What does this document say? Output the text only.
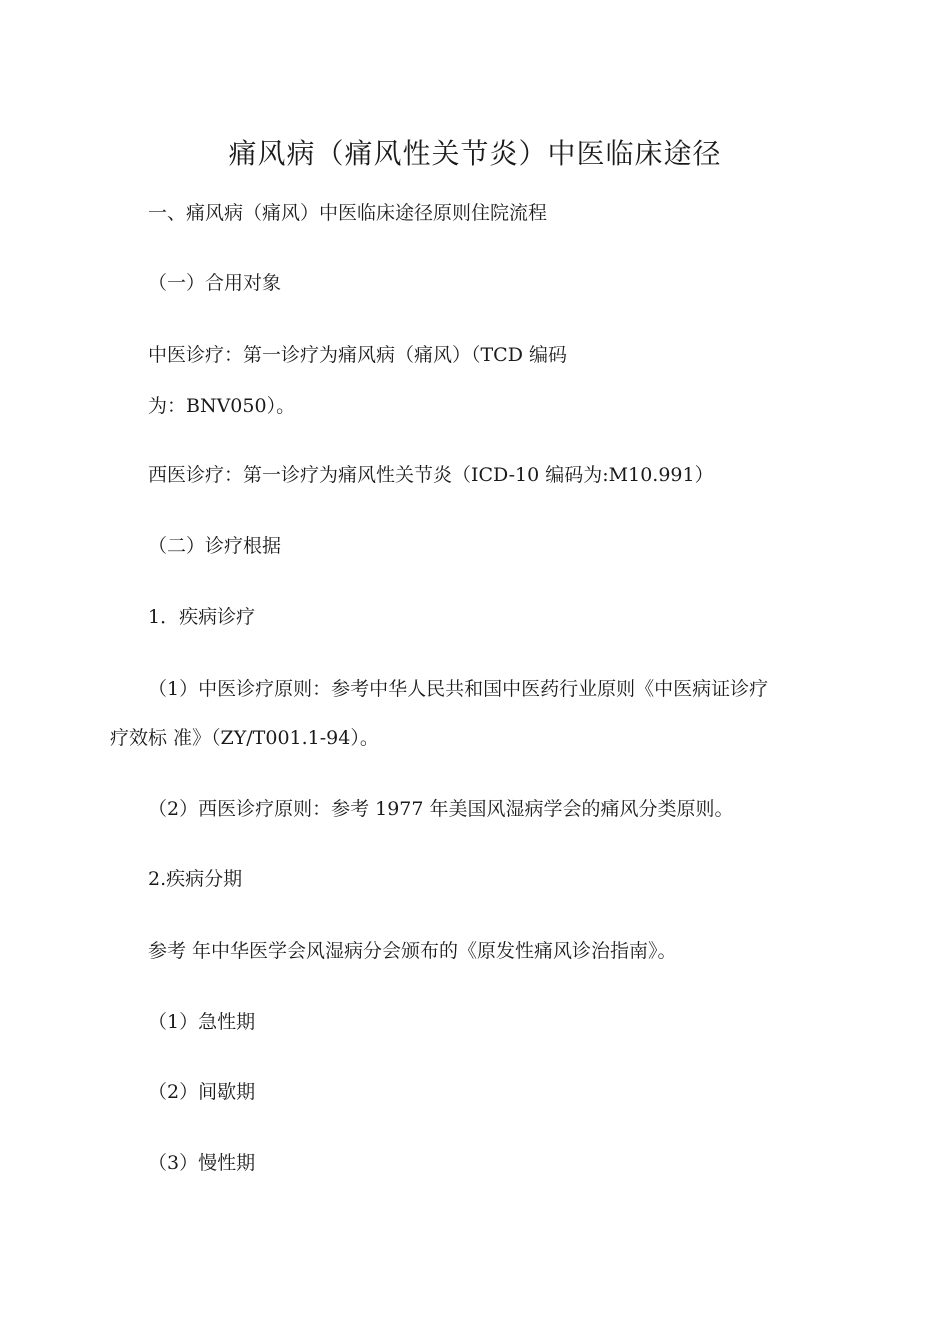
痛风病（痛风性关节炎）中医临床途径
一、痛风病（痛风）中医临床途径原则住院流程
（一）合用对象
中医诊疗：第一诊疗为痛风病（痛风）（TCD 编码
为：BNV050）。
西医诊疗：第一诊疗为痛风性关节炎（ICD-10 编码为:M10.991）
（二）诊疗根据
1．疾病诊疗
（1）中医诊疗原则：参考中华人民共和国中医药行业原则《中医病证诊疗
疗效标 准》（ZY/T001.1-94）。
（2）西医诊疗原则：参考 1977 年美国风湿病学会的痛风分类原则。
2.疾病分期
参考 年中华医学会风湿病分会颁布的《原发性痛风诊治指南》。
（1）急性期
（2）间歇期
（3）慢性期
